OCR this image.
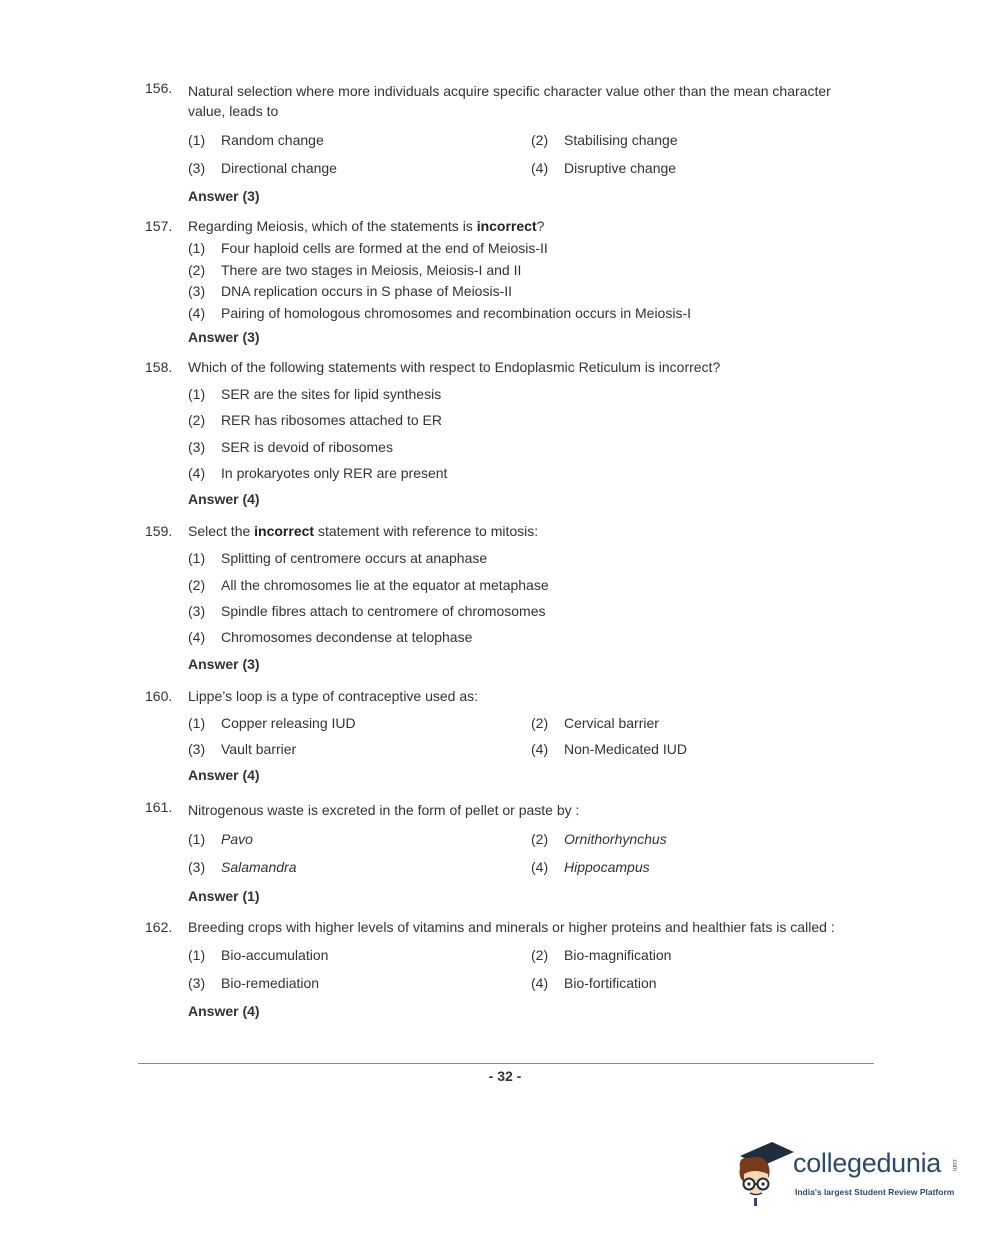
156. Natural selection where more individuals acquire specific character value other than the mean character
value, leads to
(1) Random change	(2) Stabilising change
(3) Directional change	(4) Disruptive change
Answer (3)
157. Regarding Meiosis, which of the statements is incorrect?
(1) Four haploid cells are formed at the end of Meiosis-II
(2) There are two stages in Meiosis, Meiosis-I and II
(3) DNA replication occurs in S phase of Meiosis-II
(4) Pairing of homologous chromosomes and recombination occurs in Meiosis-I
Answer (3)
158. Which of the following statements with respect to Endoplasmic Reticulum is incorrect?
(1) SER are the sites for lipid synthesis
(2) RER has ribosomes attached to ER
(3) SER is devoid of ribosomes
(4) In prokaryotes only RER are present
Answer (4)
159. Select the incorrect statement with reference to mitosis:
(1) Splitting of centromere occurs at anaphase
(2) All the chromosomes lie at the equator at metaphase
(3) Spindle fibres attach to centromere of chromosomes
(4) Chromosomes decondense at telophase
Answer (3)
160. Lippe’s loop is a type of contraceptive used as:
(1) Copper releasing IUD	(2) Cervical barrier
(3) Vault barrier	(4) Non-Medicated IUD
Answer (4)
161. Nitrogenous waste is excreted in the form of pellet or paste by :
(1) Pavo	(2) Ornithorhynchus
(3) Salamandra	(4) Hippocampus
Answer (1)
162. Breeding crops with higher levels of vitamins and minerals or higher proteins and healthier fats is called :
(1) Bio-accumulation	(2) Bio-magnification
(3) Bio-remediation	(4) Bio-fortification
Answer (4)
- 32 -
collegedunia .com
India's largest Student Review Platform
